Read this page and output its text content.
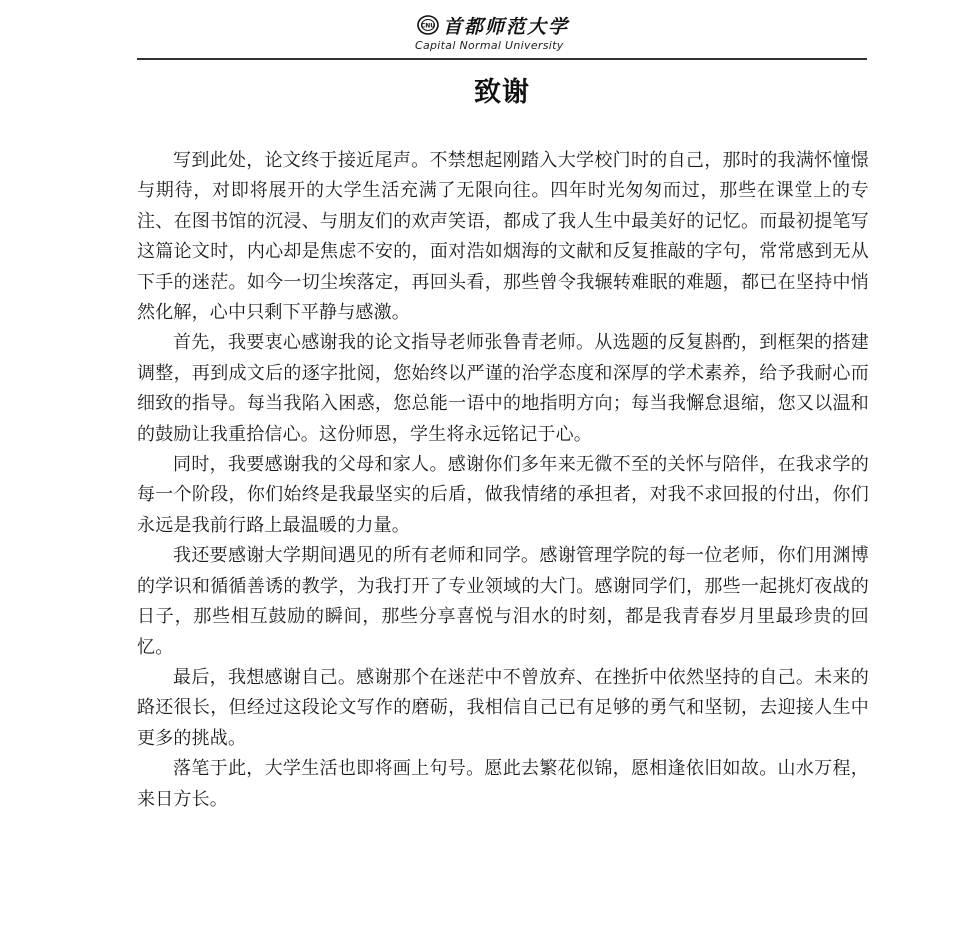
CNU 首都师范大学
Capital Normal University
致谢

写到此处，论文终于接近尾声。不禁想起刚踏入大学校门时的自己，那时的我满怀憧憬与期待，对即将展开的大学生活充满了无限向往。四年时光匆匆而过，那些在课堂上的专注、在图书馆的沉浸、与朋友们的欢声笑语，都成了我人生中最美好的记忆。而最初提笔写这篇论文时，内心却是焦虑不安的，面对浩如烟海的文献和反复推敲的字句，常常感到无从下手的迷茫。如今一切尘埃落定，再回头看，那些曾令我辗转难眠的难题，都已在坚持中悄然化解，心中只剩下平静与感激。

首先，我要衷心感谢我的论文指导老师张鲁青老师。从选题的反复斟酌，到框架的搭建调整，再到成文后的逐字批阅，您始终以严谨的治学态度和深厚的学术素养，给予我耐心而细致的指导。每当我陷入困惑，您总能一语中的地指明方向；每当我懈怠退缩，您又以温和的鼓励让我重拾信心。这份师恩，学生将永远铭记于心。

同时，我要感谢我的父母和家人。感谢你们多年来无微不至的关怀与陪伴，在我求学的每一个阶段，你们始终是我最坚实的后盾，做我情绪的承担者，对我不求回报的付出，你们永远是我前行路上最温暖的力量。

我还要感谢大学期间遇见的所有老师和同学。感谢管理学院的每一位老师，你们用渊博的学识和循循善诱的教学，为我打开了专业领域的大门。感谢同学们，那些一起挑灯夜战的日子，那些相互鼓励的瞬间，那些分享喜悦与泪水的时刻，都是我青春岁月里最珍贵的回忆。

最后，我想感谢自己。感谢那个在迷茫中不曾放弃、在挫折中依然坚持的自己。未来的路还很长，但经过这段论文写作的磨砺，我相信自己已有足够的勇气和坚韧，去迎接人生中更多的挑战。

落笔于此，大学生活也即将画上句号。愿此去繁花似锦，愿相逢依旧如故。山水万程，来日方长。
